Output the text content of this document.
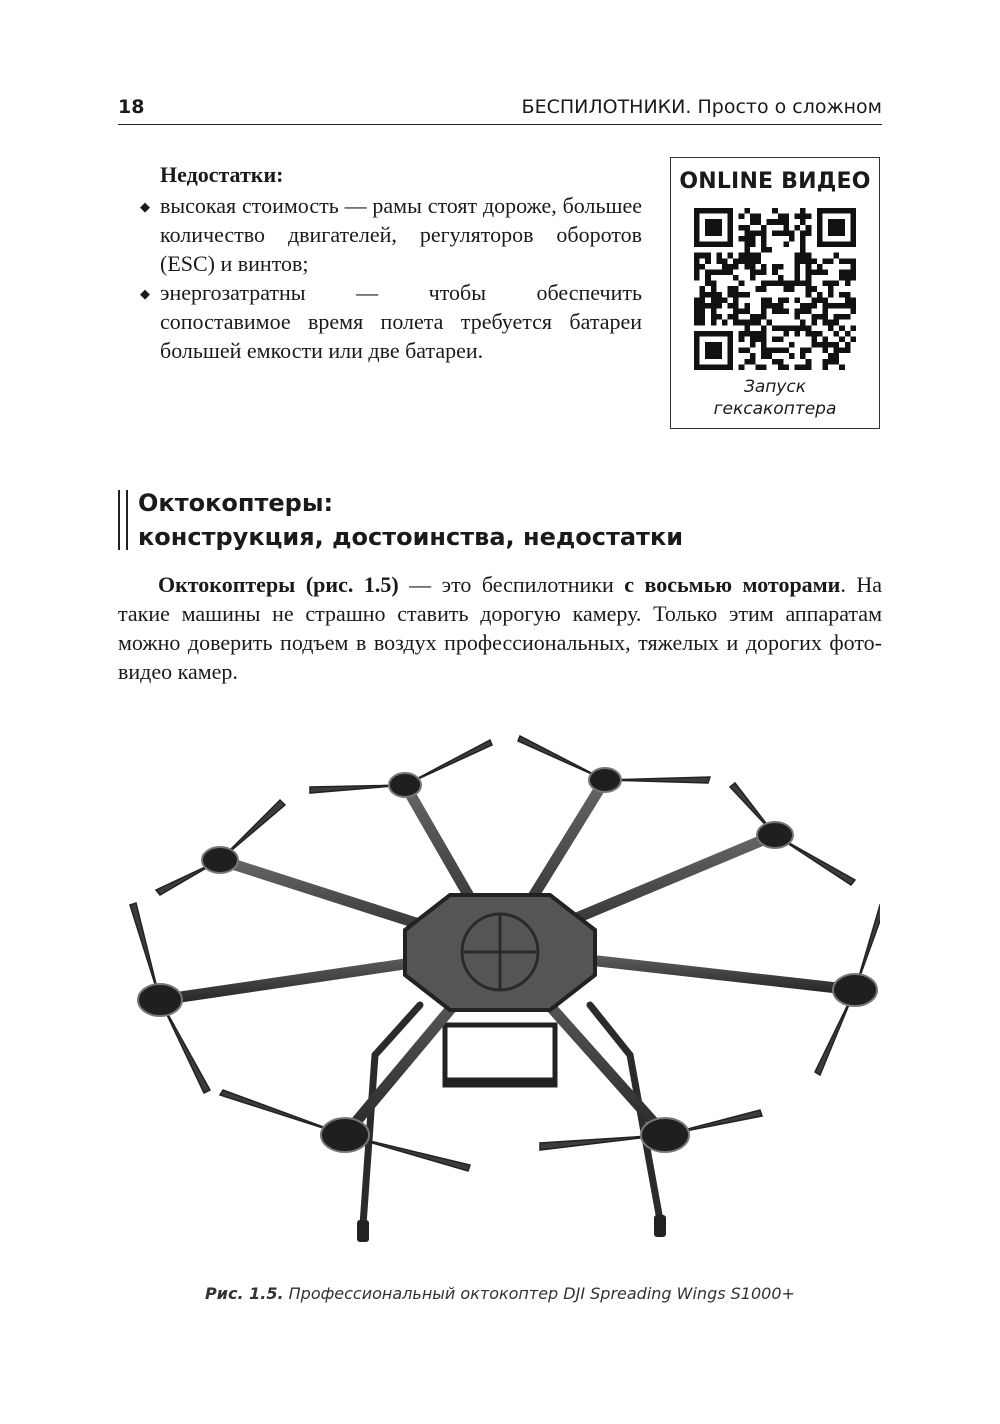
18	БЕСПИЛОТНИКИ. Просто о сложном
Недостатки:
◆ высокая стоимость — рамы стоят дороже, большее количество двигателей, регуляторов оборотов (ESC) и винтов;
◆ энергозатратны — чтобы обеспечить сопоставимое время полета требуется батареи большей емкости или две батареи.
ONLINE ВИДЕО
Запуск
гексакоптера
Октокоптеры:
конструкция, достоинства, недостатки
Октокоптеры (рис. 1.5) — это беспилотники с восьмью моторами. На такие машины не страшно ставить дорогую камеру. Только этим аппаратам можно доверить подъем в воздух профессиональных, тяжелых и дорогих фото-видео камер.
Рис. 1.5. Профессиональный октокоптер DJI Spreading Wings S1000+
